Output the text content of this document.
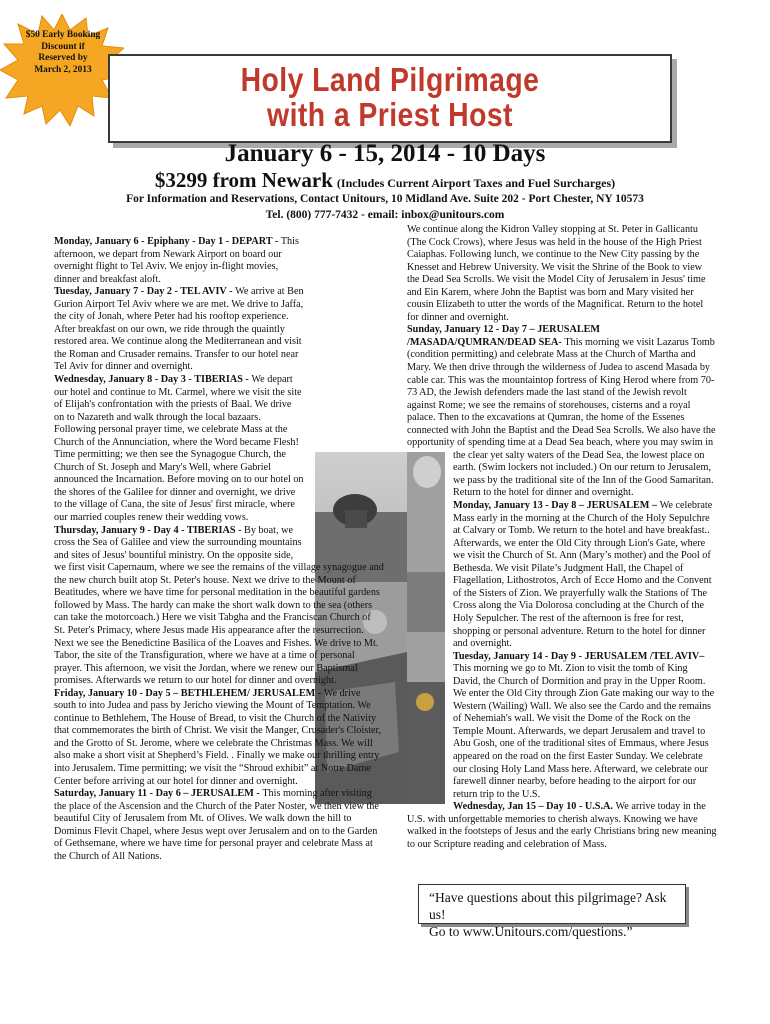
$50 Early Booking
Discount if
Reserved by
March 2, 2013	Holy Land Pilgrimage
with a Priest Host
January 6 - 15, 2014 - 10 Days
$3299 from Newark (Includes Current Airport Taxes and Fuel Surcharges)
For Information and Reservations, Contact Unitours, 10 Midland Ave. Suite 202 - Port Chester, NY 10573
Tel. (800) 777-7432 - email: inbox@unitours.com

Monday, January 6 - Epiphany - Day 1 - DEPART - This afternoon, we depart from Newark Airport on board our overnight flight to Tel Aviv. We enjoy in-flight movies, dinner and breakfast aloft.

Tuesday, January 7 - Day 2 - TEL AVIV - We arrive at Ben Gurion Airport Tel Aviv where we are met. We drive to Jaffa, the city of Jonah, where Peter had his rooftop experience. After breakfast on our own, we ride through the quaintly restored area. We continue along the Mediterranean and visit the Roman and Crusader remains. Transfer to our hotel near Tel Aviv for dinner and overnight.

Wednesday, January 8 - Day 3 - TIBERIAS - We depart our hotel and continue to Mt. Carmel, where we visit the site of Elijah's confrontation with the priests of Baal. We drive on to Nazareth and walk through the local bazaars. Following personal prayer time, we celebrate Mass at the Church of the Annunciation, where the Word became Flesh! Time permitting; we then see the Synagogue Church, the Church of St. Joseph and Mary's Well, where Gabriel announced the Incarnation. Before moving on to our hotel on the shores of the Galilee for dinner and overnight, we drive to the village of Cana, the site of Jesus' first miracle, where our married couples renew their wedding vows.

Thursday, January 9 - Day 4 - TIBERIAS - By boat, we cross the Sea of Galilee and view the surrounding mountains and sites of Jesus' bountiful ministry. On the opposite side, we first visit Capernaum, where we see the remains of the village synagogue and the new church built atop St. Peter's house. Next we drive to the Mount of Beatitudes, where we have time for personal meditation in the beautiful gardens followed by Mass. The hardy can make the short walk down to the sea (others can take the motorcoach.) Here we visit Tabgha and the Franciscan Church of St. Peter's Primacy, where Jesus made His appearance after the resurrection. Next we see the Benedictine Basilica of the Loaves and Fishes. We drive to Mt. Tabor, the site of the Transfiguration, where we have at a time of personal prayer. This afternoon, we visit the Jordan, where we renew our Baptismal promises. Afterwards we return to our hotel for dinner and overnight.

Friday, January 10 - Day 5 – BETHLEHEM/ JERUSALEM - We drive south to into Judea and pass by Jericho viewing the Mount of Temptation. We continue to Bethlehem, The House of Bread, to visit the Church of the Nativity that commemorates the birth of Christ. We visit the Manger, Crusader's Cloister, and the Grotto of St. Jerome, where we celebrate the Christmas Mass. We will also make a short visit at Shepherd’s Field. . Finally we make our thrilling entry into Jerusalem. Time permitting; we visit the “Shroud exhibit” at Notre Dame Center before arriving at our hotel for dinner and overnight.

Saturday, January 11 - Day 6 – JERUSALEM - This morning after visiting the place of the Ascension and the Church of the Pater Noster, we then view the beautiful City of Jerusalem from Mt. of Olives. We walk down the hill to Dominus Flevit Chapel, where Jesus wept over Jerusalem and on to the Garden of Gethsemane, where we have time for personal prayer and celebrate Mass at the Church of All Nations.

We continue along the Kidron Valley stopping at St. Peter in Gallicantu (The Cock Crows), where Jesus was held in the house of the High Priest Caiaphas. Following lunch, we continue to the New City passing by the Knesset and Hebrew University. We visit the Shrine of the Book to view the Dead Sea Scrolls. We visit the Model City of Jerusalem in Jesus' time and Ein Karem, where John the Baptist was born and Mary visited her cousin Elizabeth to utter the words of the Magnificat. Return to the hotel for dinner and overnight.

Sunday, January 12 - Day 7 – JERUSALEM /MASADA/QUMRAN/DEAD SEA- This morning we visit Lazarus Tomb (condition permitting) and celebrate Mass at the Church of Martha and Mary. We then drive through the wilderness of Judea to ascend Masada by cable car. This was the mountaintop fortress of King Herod where from 70-73 AD, the Jewish defenders made the last stand of the Jewish revolt against Rome; we see the remains of storehouses, cisterns and a royal palace. Then to the excavations at Qumran, the home of the Essenes connected with John the Baptist and the Dead Sea Scrolls. We also have the opportunity of spending time at a Dead Sea beach, where you may swim in the clear yet salty waters of the Dead Sea, the lowest place on earth. (Swim lockers not included.) On our return to Jerusalem, we pass by the traditional site of the Inn of the Good Samaritan. Return to the hotel for dinner and overnight.

Monday, January 13 - Day 8 – JERUSALEM – We celebrate Mass early in the morning at the Church of the Holy Sepulchre at Calvary or Tomb. We return to the hotel and have breakfast.. Afterwards, we enter the Old City through Lion's Gate, where we visit the Church of St. Ann (Mary’s mother) and the Pool of Bethesda. We visit Pilate’s Judgment Hall, the Chapel of Flagellation, Lithostrotos, Arch of Ecce Homo and the Convent of the Sisters of Zion. We prayerfully walk the Stations of The Cross along the Via Dolorosa concluding at the Church of the Holy Sepulcher. The rest of the afternoon is free for rest, shopping or personal adventure. Return to the hotel for dinner and overnight.

Tuesday, January 14 - Day 9 - JERUSALEM /TEL AVIV– This morning we go to Mt. Zion to visit the tomb of King David, the Church of Dormition and pray in the Upper Room. We enter the Old City through Zion Gate making our way to the Western (Wailing) Wall. We also see the Cardo and the remains of Nehemiah's wall. We visit the Dome of the Rock on the Temple Mount. Afterwards, we depart Jerusalem and travel to Abu Gosh, one of the traditional sites of Emmaus, where Jesus appeared on the road on the first Easter Sunday. We celebrate our closing Holy Land Mass here. Afterward, we celebrate our farewell dinner nearby, before heading to the airport for our return trip to the U.S.

Wednesday, Jan 15 – Day 10 - U.S.A. We arrive today in the U.S. with unforgettable memories to cherish always. Knowing we have walked in the footsteps of Jesus and the early Christians bring new meaning to our Scripture reading and celebration of Mass.

“Have questions about this pilgrimage? Ask us!
Go to www.Unitours.com/questions.”
